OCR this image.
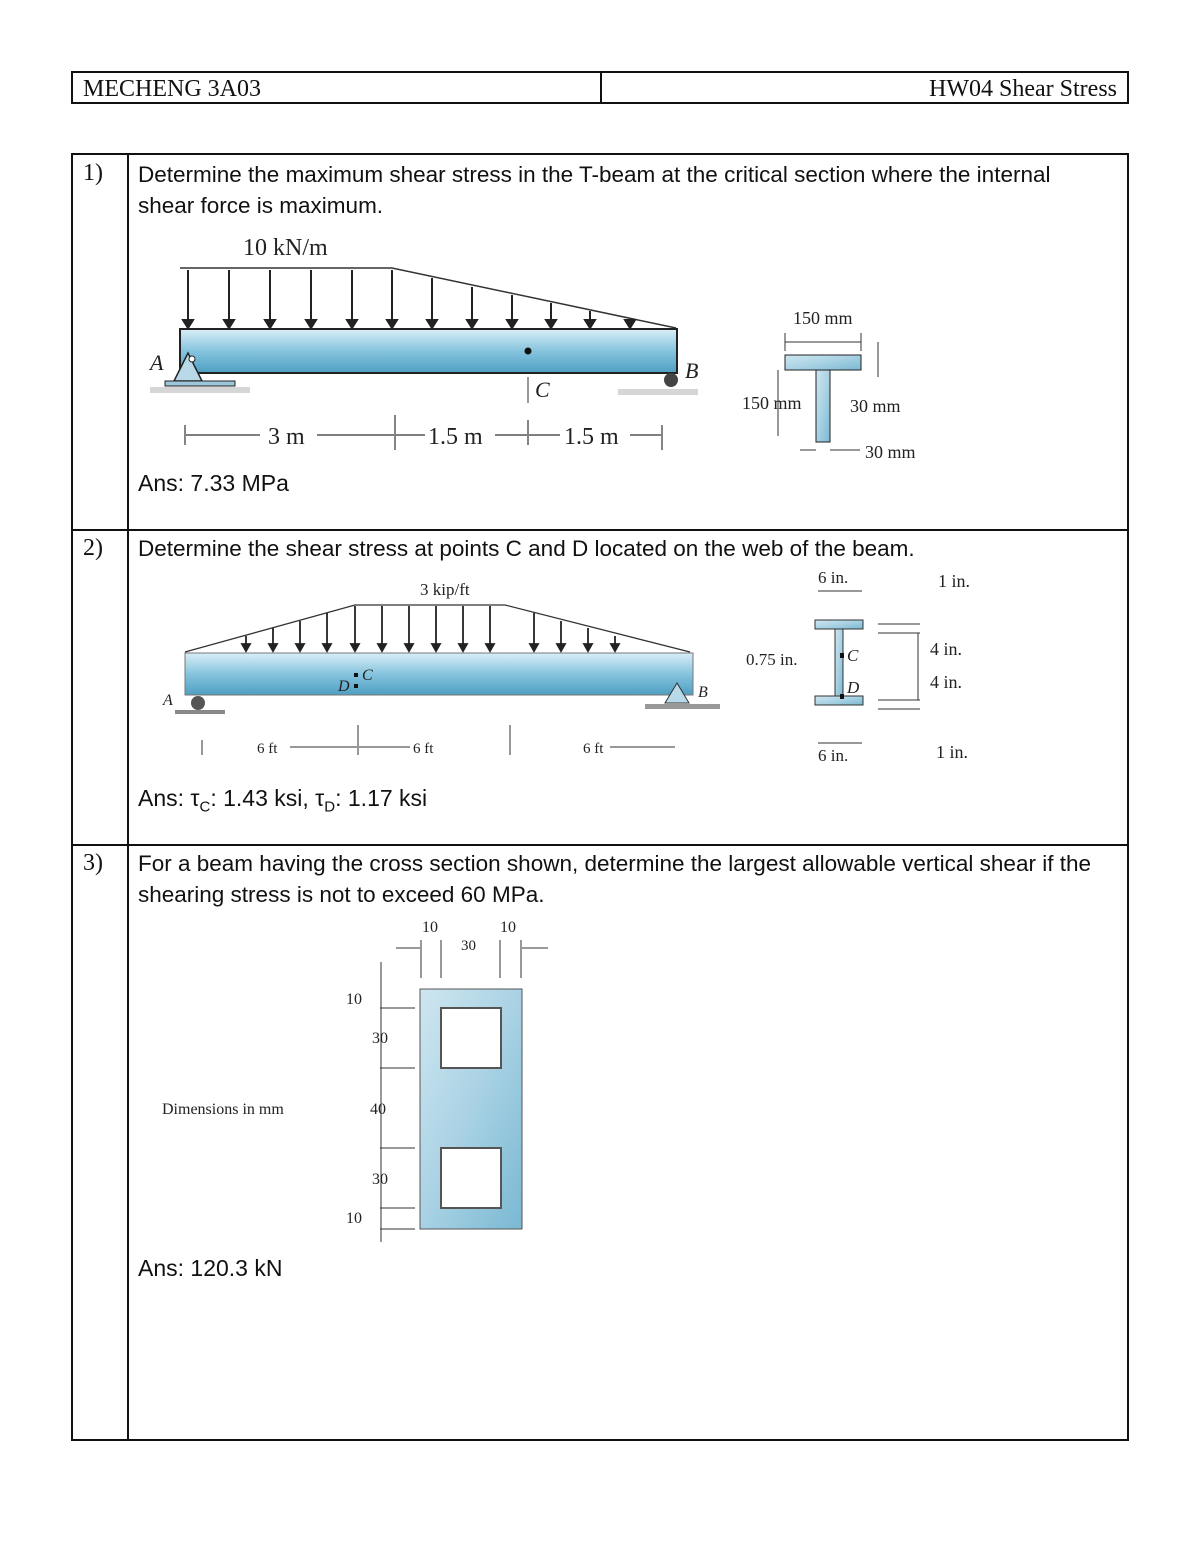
MECHENG 3A03	HW04 Shear Stress
1) Determine the maximum shear stress in the T-beam at the critical section where the internal shear force is maximum.
Ans: 7.33 MPa
2) Determine the shear stress at points C and D located on the web of the beam.
Ans: $\tau_C$: 1.43 ksi, $\tau_D$: 1.17 ksi
3) For a beam having the cross section shown, determine the largest allowable vertical shear if the shearing stress is not to exceed 60 MPa.
Ans: 120.3 kN
10 kN/m
A	B
C
3 m	1.5 m	1.5 m
150 mm
150 mm	30 mm
30 mm
3 kip/ft
C
D
A	B
6 ft	6 ft	6 ft
C
D
6 in.
0.75 in.
6 in.
1 in.
4 in.
4 in.
1 in.
10
30
10
Dimensions in mm
10
30
40
30
10
